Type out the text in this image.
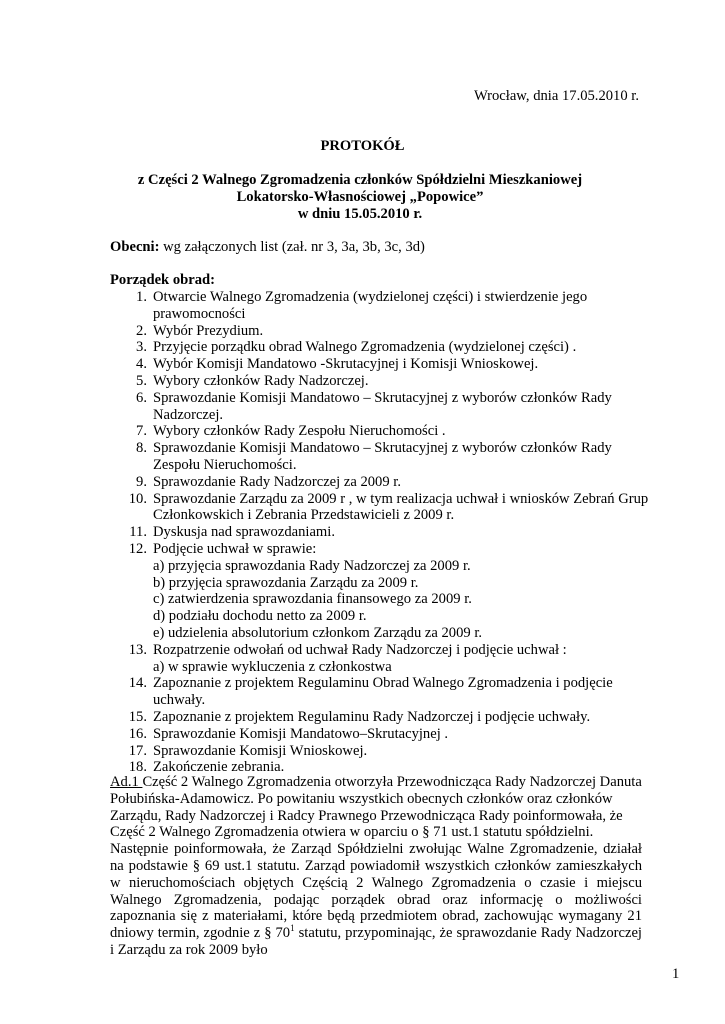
Wrocław, dnia 17.05.2010 r.
PROTOKÓŁ
z Części 2 Walnego Zgromadzenia członków Spółdzielni Mieszkaniowej
Lokatorsko-Własnościowej „Popowice”
w dniu 15.05.2010 r.
Obecni: wg załączonych list (zał. nr 3, 3a, 3b, 3c, 3d)
Porządek obrad:
1. Otwarcie Walnego Zgromadzenia (wydzielonej części) i stwierdzenie jego prawomocności
2. Wybór Prezydium.
3. Przyjęcie porządku obrad Walnego Zgromadzenia (wydzielonej części) .
4. Wybór Komisji Mandatowo -Skrutacyjnej i Komisji Wnioskowej.
5. Wybory członków Rady Nadzorczej.
6. Sprawozdanie Komisji Mandatowo – Skrutacyjnej z wyborów członków Rady Nadzorczej.
7. Wybory członków Rady Zespołu Nieruchomości .
8. Sprawozdanie Komisji Mandatowo – Skrutacyjnej z wyborów członków Rady Zespołu Nieruchomości.
9. Sprawozdanie Rady Nadzorczej za 2009 r.
10. Sprawozdanie Zarządu za 2009 r , w tym realizacja uchwał i wniosków Zebrań Grup Członkowskich i Zebrania Przedstawicieli z 2009 r.
11. Dyskusja nad sprawozdaniami.
12. Podjęcie uchwał w sprawie:
a) przyjęcia sprawozdania Rady Nadzorczej za 2009 r.
b) przyjęcia sprawozdania Zarządu za 2009 r.
c) zatwierdzenia sprawozdania finansowego za 2009 r.
d) podziału dochodu netto za 2009 r.
e) udzielenia absolutorium członkom Zarządu za 2009 r.
13. Rozpatrzenie odwołań od uchwał Rady Nadzorczej i podjęcie uchwał :
a) w sprawie wykluczenia z członkostwa
14. Zapoznanie z projektem Regulaminu Obrad Walnego Zgromadzenia i podjęcie uchwały.
15. Zapoznanie z projektem Regulaminu Rady Nadzorczej i podjęcie uchwały.
16. Sprawozdanie Komisji Mandatowo–Skrutacyjnej .
17. Sprawozdanie Komisji Wnioskowej.
18. Zakończenie zebrania.

Ad.1 Część 2 Walnego Zgromadzenia otworzyła Przewodnicząca Rady Nadzorczej Danuta Połubińska-Adamowicz. Po powitaniu wszystkich obecnych członków oraz członków Zarządu, Rady Nadzorczej i Radcy Prawnego Przewodnicząca Rady poinformowała, że Część 2 Walnego Zgromadzenia otwiera w oparciu o § 71 ust.1 statutu spółdzielni.

Następnie poinformowała, że Zarząd Spółdzielni zwołując Walne Zgromadzenie, działał na podstawie § 69 ust.1 statutu. Zarząd powiadomił wszystkich członków zamieszkałych w nieruchomościach objętych Częścią 2 Walnego Zgromadzenia o czasie i miejscu Walnego Zgromadzenia, podając porządek obrad oraz informację o możliwości zapoznania się z materiałami, które będą przedmiotem obrad, zachowując wymagany 21 dniowy termin, zgodnie z § $70^1$ statutu, przypominając, że sprawozdanie Rady Nadzorczej i Zarządu za rok 2009 było

1
